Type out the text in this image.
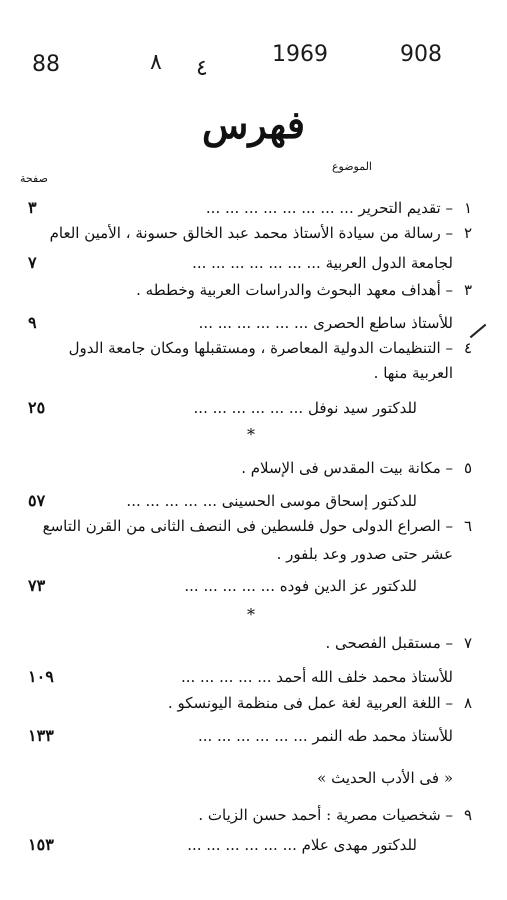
88	٨ ٤
1969	908
فهرس
الموضوع
صفحة
١– تقديم التحرير ... ... ... ... ... ... ... ...
٣
٢– رسالة من سيادة الأستاذ محمد عبد الخالق حسونة ، الأمين العام
لجامعة الدول العربية ... ... ... ... ... ... ...
٧
٣– أهداف معهد البحوث والدراسات العربية وخططه .
للأستاذ ساطع الحصرى ... ... ... ... ... ...
٩
٤– التنظيمات الدولية المعاصرة ، ومستقبلها ومكان جامعة الدول
العربية منها .
للدكتور سيد نوفل ... ... ... ... ... ...
٢٥
*
٥– مكانة بيت المقدس فى الإسلام .
للدكتور إسحاق موسى الحسينى ... ... ... ... ...
٥٧
٦– الصراع الدولى حول فلسطين فى النصف الثانى من القرن التاسع
عشر حتى صدور وعد بلفور .
للدكتور عز الدين فوده ... ... ... ... ...
٧٣
*
٧– مستقبل الفصحى .
للأستاذ محمد خلف الله أحمد ... ... ... ... ...
١٠٩
٨– اللغة العربية لغة عمل فى منظمة اليونسكو .
للأستاذ محمد طه النمر ... ... ... ... ... ...
١٣٣
« فى الأدب الحديث »
٩– شخصيات مصرية : أحمد حسن الزيات .
للدكتور مهدى علام ... ... ... ... ... ...
١٥٣
